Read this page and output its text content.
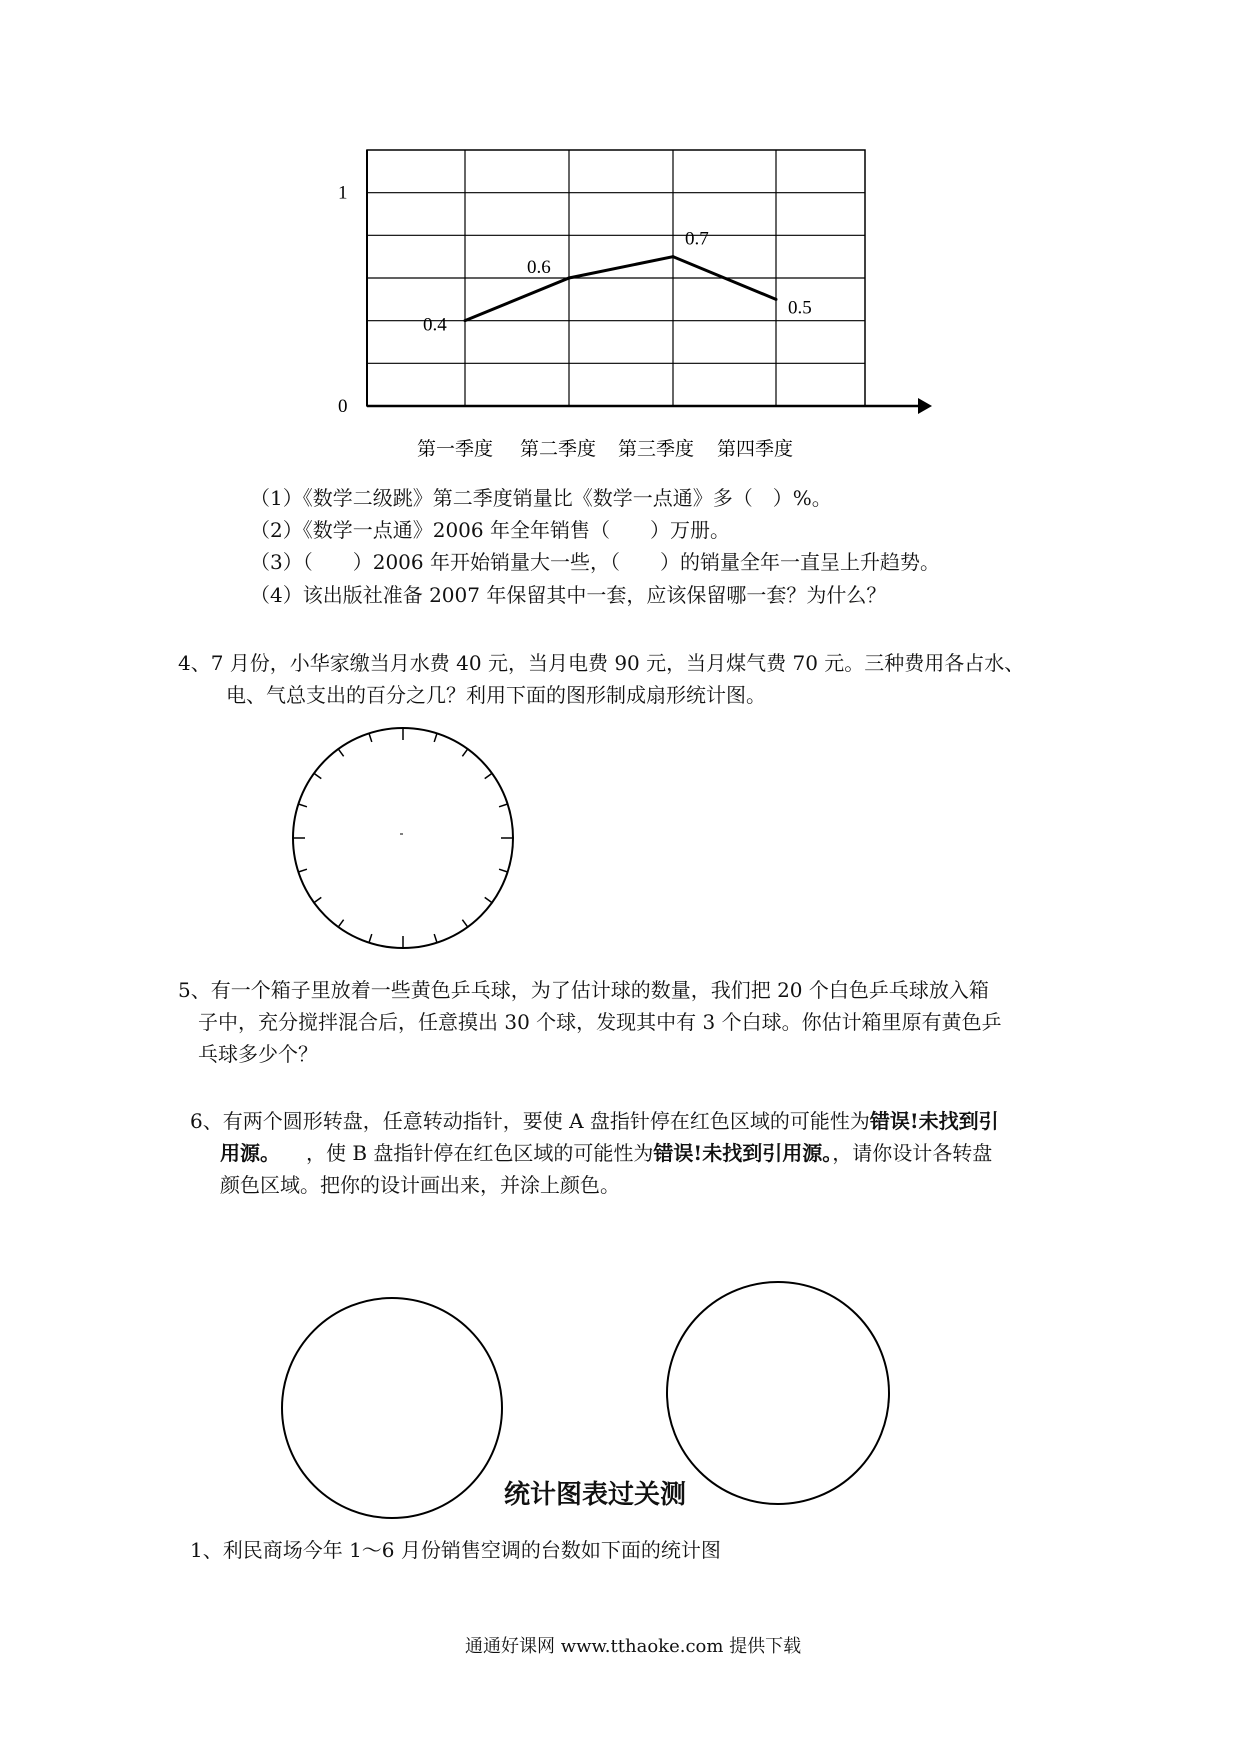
0
1
0.4
0.6
0.7
0.5
第一季度 第二季度 第三季度 第四季度
（1）《数学二级跳》第二季度销量比《数学一点通》多（　）%。
（2）《数学一点通》2006 年全年销售（　　）万册。
（3）（　　）2006 年开始销量大一些，（　　）的销量全年一直呈上升趋势。
（4）该出版社准备 2007 年保留其中一套，应该保留哪一套？为什么？
4、7 月份，小华家缴当月水费 40 元，当月电费 90 元，当月煤气费 70 元。三种费用各占水、
电、气总支出的百分之几？利用下面的图形制成扇形统计图。
5、有一个箱子里放着一些黄色乒乓球，为了估计球的数量，我们把 20 个白色乒乓球放入箱
子中，充分搅拌混合后，任意摸出 30 个球，发现其中有 3 个白球。你估计箱里原有黄色乒
乓球多少个？
6、有两个圆形转盘，任意转动指针，要使 A 盘指针停在红色区域的可能性为错误!未找到引
用源。 ，使 B 盘指针停在红色区域的可能性为错误!未找到引用源。，请你设计各转盘
颜色区域。把你的设计画出来，并涂上颜色。
统计图表过关测
1、利民商场今年 1～6 月份销售空调的台数如下面的统计图
通通好课网 www.tthaoke.com 提供下载
